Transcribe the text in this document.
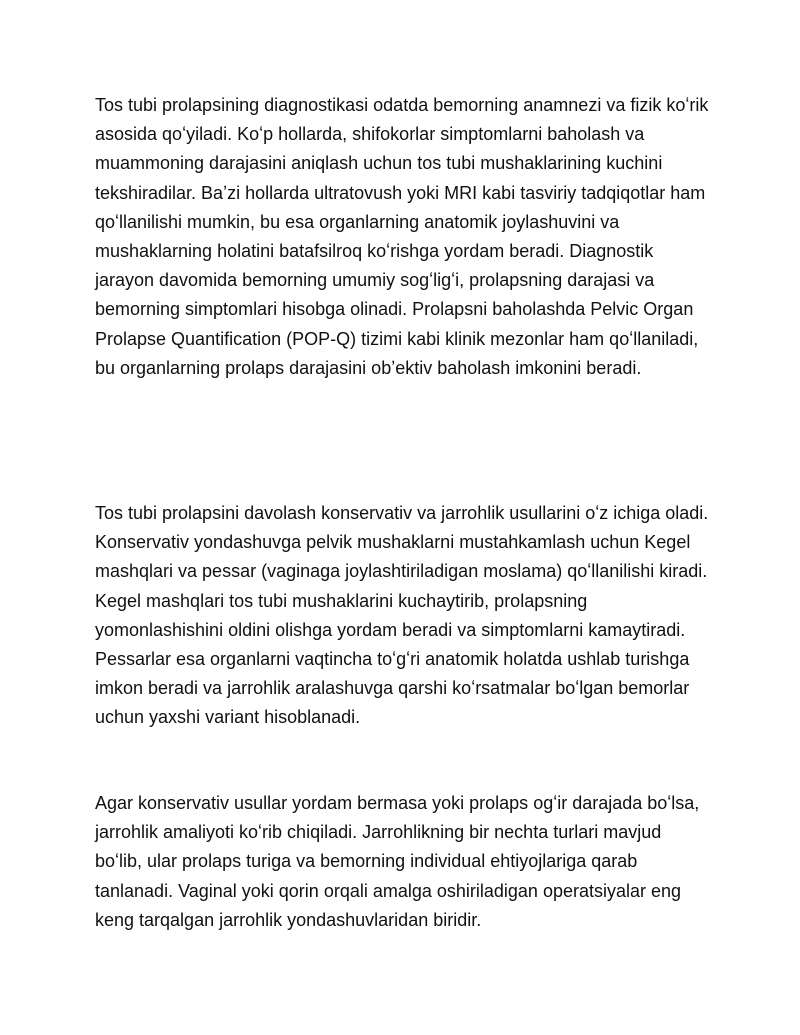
Tos tubi prolapsining diagnostikasi odatda bemorning anamnezi va fizik koʻrik asosida qoʻyiladi. Koʻp hollarda, shifokorlar simptomlarni baholash va muammoning darajasini aniqlash uchun tos tubi mushaklarining kuchini tekshiradilar. Baʼzi hollarda ultratovush yoki MRI kabi tasviriy tadqiqotlar ham qoʻllanilishi mumkin, bu esa organlarning anatomik joylashuvini va mushaklarning holatini batafsilroq koʻrishga yordam beradi. Diagnostik jarayon davomida bemorning umumiy sogʻligʻi, prolapsning darajasi va bemorning simptomlari hisobga olinadi. Prolapsni baholashda Pelvic Organ Prolapse Quantification (POP-Q) tizimi kabi klinik mezonlar ham qoʻllaniladi, bu organlarning prolaps darajasini obʼektiv baholash imkonini beradi.

Tos tubi prolapsini davolash konservativ va jarrohlik usullarini oʻz ichiga oladi. Konservativ yondashuvga pelvik mushaklarni mustahkamlash uchun Kegel mashqlari va pessar (vaginaga joylashtiriladigan moslama) qoʻllanilishi kiradi. Kegel mashqlari tos tubi mushaklarini kuchaytirib, prolapsning yomonlashishini oldini olishga yordam beradi va simptomlarni kamaytiradi. Pessarlar esa organlarni vaqtincha toʻgʻri anatomik holatda ushlab turishga imkon beradi va jarrohlik aralashuvga qarshi koʻrsatmalar boʻlgan bemorlar uchun yaxshi variant hisoblanadi.

Agar konservativ usullar yordam bermasa yoki prolaps ogʻir darajada boʻlsa, jarrohlik amaliyoti koʻrib chiqiladi. Jarrohlikning bir nechta turlari mavjud boʻlib, ular prolaps turiga va bemorning individual ehtiyojlariga qarab tanlanadi. Vaginal yoki qorin orqali amalga oshiriladigan operatsiyalar eng keng tarqalgan jarrohlik yondashuvlaridan biridir.
